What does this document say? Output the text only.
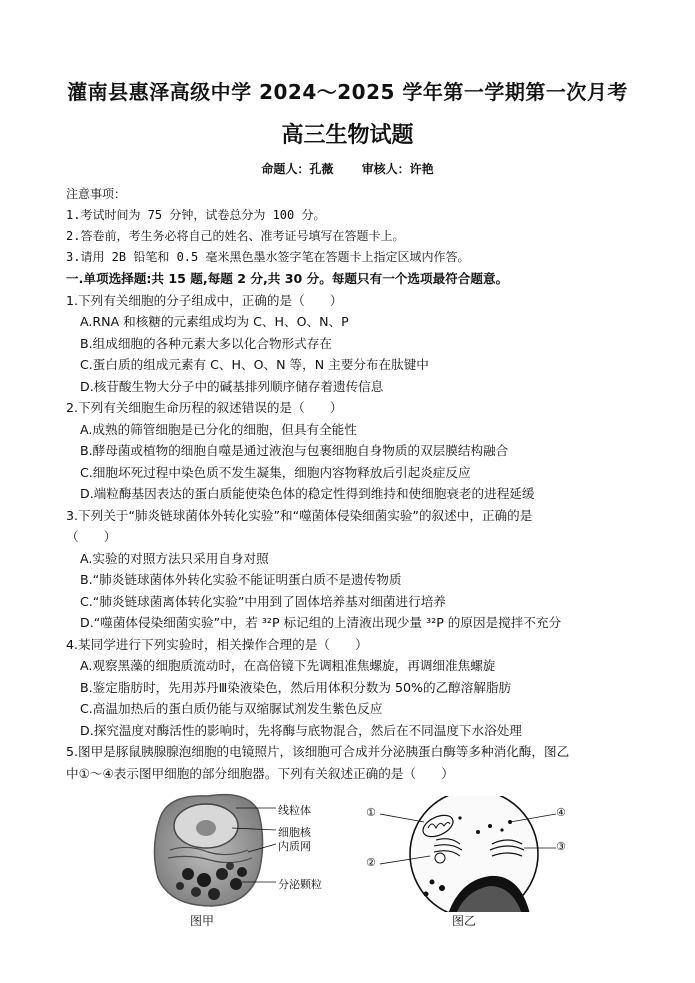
灌南县惠泽高级中学 2024～2025 学年第一学期第一次月考
高三生物试题
命题人：孔薇 审核人：许艳
注意事项：
1.考试时间为 75 分钟，试卷总分为 100 分。
2.答卷前，考生务必将自己的姓名、准考证号填写在答题卡上。
3.请用 2B 铅笔和 0.5 毫米黑色墨水签字笔在答题卡上指定区域内作答。
一.单项选择题:共 15 题,每题 2 分,共 30 分。每题只有一个选项最符合题意。
1.下列有关细胞的分子组成中，正确的是（　　）
A.RNA 和核糖的元素组成均为 C、H、O、N、P
B.组成细胞的各种元素大多以化合物形式存在
C.蛋白质的组成元素有 C、H、O、N 等，N 主要分布在肽键中
D.核苷酸生物大分子中的碱基排列顺序储存着遗传信息
2.下列有关细胞生命历程的叙述错误的是（　　）
A.成熟的筛管细胞是已分化的细胞，但具有全能性
B.酵母菌或植物的细胞自噬是通过液泡与包裹细胞自身物质的双层膜结构融合
C.细胞坏死过程中染色质不发生凝集，细胞内容物释放后引起炎症反应
D.端粒酶基因表达的蛋白质能使染色体的稳定性得到维持和使细胞衰老的进程延缓
3.下列关于“肺炎链球菌体外转化实验”和“噬菌体侵染细菌实验”的叙述中，正确的是
（　　）
A.实验的对照方法只采用自身对照
B.“肺炎链球菌体外转化实验不能证明蛋白质不是遗传物质
C.“肺炎链球菌离体转化实验”中用到了固体培养基对细菌进行培养
D.“噬菌体侵染细菌实验”中，若 ³²P 标记组的上清液出现少量 ³²P 的原因是搅拌不充分
4.某同学进行下列实验时，相关操作合理的是（　　）
A.观察黑藻的细胞质流动时，在高倍镜下先调粗准焦螺旋，再调细准焦螺旋
B.鉴定脂肪时，先用苏丹Ⅲ染液染色，然后用体积分数为 50%的乙醇溶解脂肪
C.高温加热后的蛋白质仍能与双缩脲试剂发生紫色反应
D.探究温度对酶活性的影响时，先将酶与底物混合，然后在不同温度下水浴处理
5.图甲是豚鼠胰腺腺泡细胞的电镜照片，该细胞可合成并分泌胰蛋白酶等多种消化酶，图乙
中①～④表示图甲细胞的部分细胞器。下列有关叙述正确的是（　　）
线粒体
细胞核
内质网
分泌颗粒
图甲
①
②
③
④
图乙
